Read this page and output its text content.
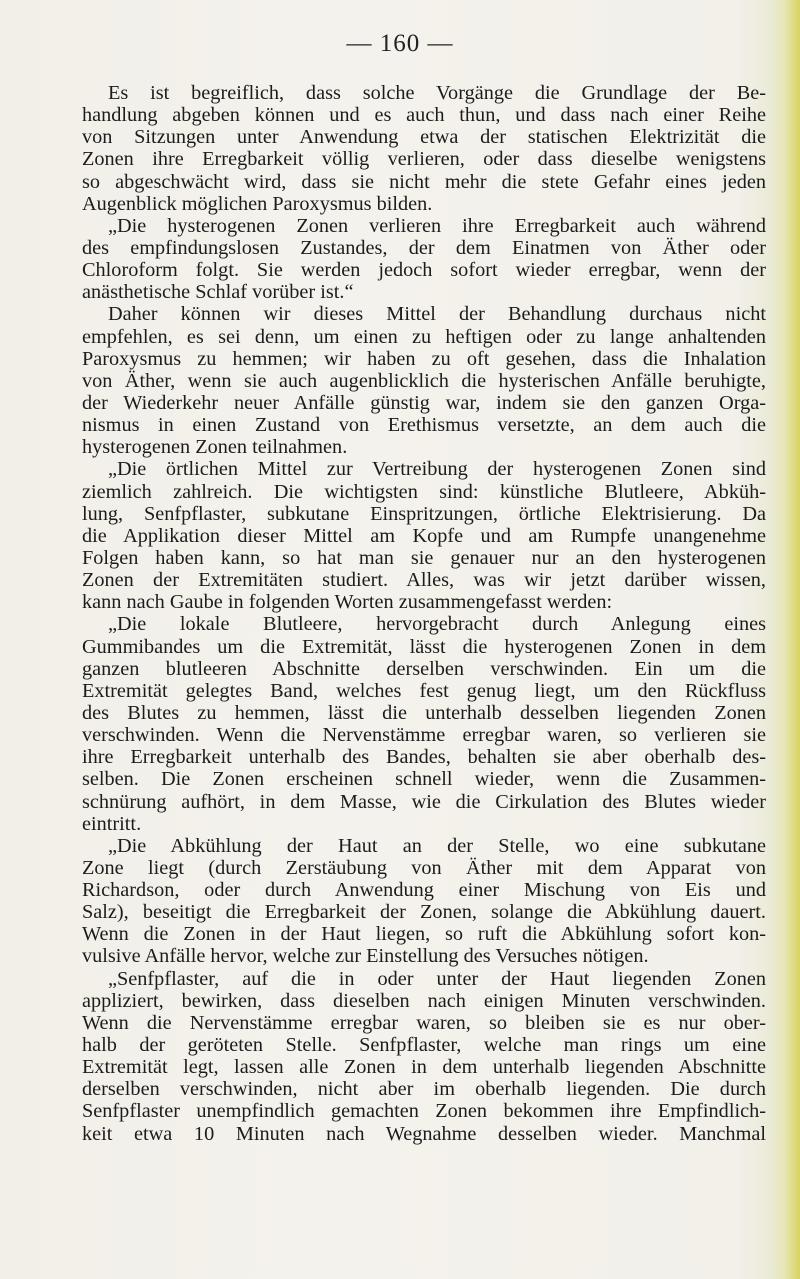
— 160 —
Es ist begreiflich, dass solche Vorgänge die Grundlage der Be-
handlung abgeben können und es auch thun, und dass nach einer Reihe
von Sitzungen unter Anwendung etwa der statischen Elektrizität die
Zonen ihre Erregbarkeit völlig verlieren, oder dass dieselbe wenigstens
so abgeschwächt wird, dass sie nicht mehr die stete Gefahr eines jeden
Augenblick möglichen Paroxysmus bilden.
„Die hysterogenen Zonen verlieren ihre Erregbarkeit auch während
des empfindungslosen Zustandes, der dem Einatmen von Äther oder
Chloroform folgt. Sie werden jedoch sofort wieder erregbar, wenn der
anästhetische Schlaf vorüber ist.“
Daher können wir dieses Mittel der Behandlung durchaus nicht
empfehlen, es sei denn, um einen zu heftigen oder zu lange anhaltenden
Paroxysmus zu hemmen; wir haben zu oft gesehen, dass die Inhalation
von Äther, wenn sie auch augenblicklich die hysterischen Anfälle beruhigte,
der Wiederkehr neuer Anfälle günstig war, indem sie den ganzen Orga-
nismus in einen Zustand von Erethismus versetzte, an dem auch die
hysterogenen Zonen teilnahmen.
„Die örtlichen Mittel zur Vertreibung der hysterogenen Zonen sind
ziemlich zahlreich. Die wichtigsten sind: künstliche Blutleere, Abküh-
lung, Senfpflaster, subkutane Einspritzungen, örtliche Elektrisierung. Da
die Applikation dieser Mittel am Kopfe und am Rumpfe unangenehme
Folgen haben kann, so hat man sie genauer nur an den hysterogenen
Zonen der Extremitäten studiert. Alles, was wir jetzt darüber wissen,
kann nach Gaube in folgenden Worten zusammengefasst werden:
„Die lokale Blutleere, hervorgebracht durch Anlegung eines
Gummibandes um die Extremität, lässt die hysterogenen Zonen in dem
ganzen blutleeren Abschnitte derselben verschwinden. Ein um die
Extremität gelegtes Band, welches fest genug liegt, um den Rückfluss
des Blutes zu hemmen, lässt die unterhalb desselben liegenden Zonen
verschwinden. Wenn die Nervenstämme erregbar waren, so verlieren sie
ihre Erregbarkeit unterhalb des Bandes, behalten sie aber oberhalb des-
selben. Die Zonen erscheinen schnell wieder, wenn die Zusammen-
schnürung aufhört, in dem Masse, wie die Cirkulation des Blutes wieder
eintritt.
„Die Abkühlung der Haut an der Stelle, wo eine subkutane
Zone liegt (durch Zerstäubung von Äther mit dem Apparat von
Richardson, oder durch Anwendung einer Mischung von Eis und
Salz), beseitigt die Erregbarkeit der Zonen, solange die Abkühlung dauert.
Wenn die Zonen in der Haut liegen, so ruft die Abkühlung sofort kon-
vulsive Anfälle hervor, welche zur Einstellung des Versuches nötigen.
„Senfpflaster, auf die in oder unter der Haut liegenden Zonen
appliziert, bewirken, dass dieselben nach einigen Minuten verschwinden.
Wenn die Nervenstämme erregbar waren, so bleiben sie es nur ober-
halb der geröteten Stelle. Senfpflaster, welche man rings um eine
Extremität legt, lassen alle Zonen in dem unterhalb liegenden Abschnitte
derselben verschwinden, nicht aber im oberhalb liegenden. Die durch
Senfpflaster unempfindlich gemachten Zonen bekommen ihre Empfindlich-
keit etwa 10 Minuten nach Wegnahme desselben wieder. Manchmal
